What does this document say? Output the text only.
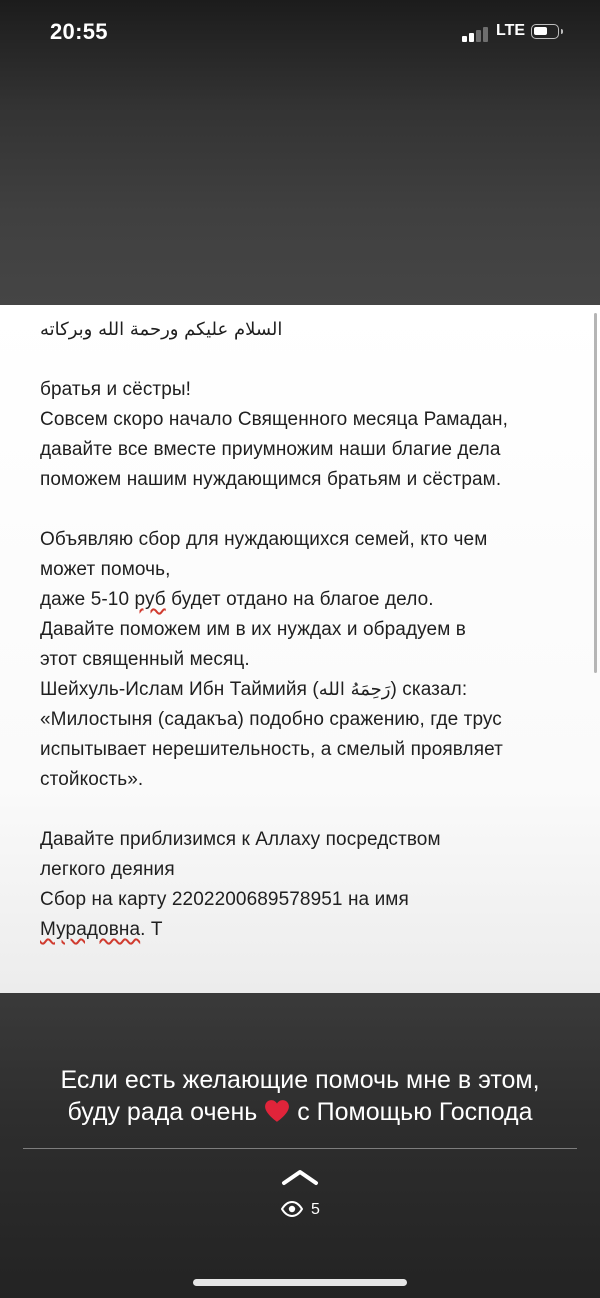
20:55	LTE
السلام عليكم ورحمة الله وبركاته
братья и сёстры!
Совсем скоро начало Священного месяца Рамадан,
давайте все вместе приумножим наши благие дела
поможем нашим нуждающимся братьям и сёстрам.
Объявляю сбор для нуждающихся семей, кто чем
может помочь,
даже 5-10 руб будет отдано на благое дело.
Давайте поможем им в их нуждах и обрадуем в
этот священный месяц.
Шейхуль-Ислам Ибн Таймийя (رَحِمَهُ الله) сказал:
«Милостыня (садакъа) подобно сражению, где трус
испытывает нерешительность, а смелый проявляет
стойкость».
Давайте приблизимся к Аллаху посредством
легкого деяния
Сбор на карту 2202200689578951 на имя
Мурадовна. Т
Если есть желающие помочь мне в этом,
буду рада очень с Помощью Господа
5
